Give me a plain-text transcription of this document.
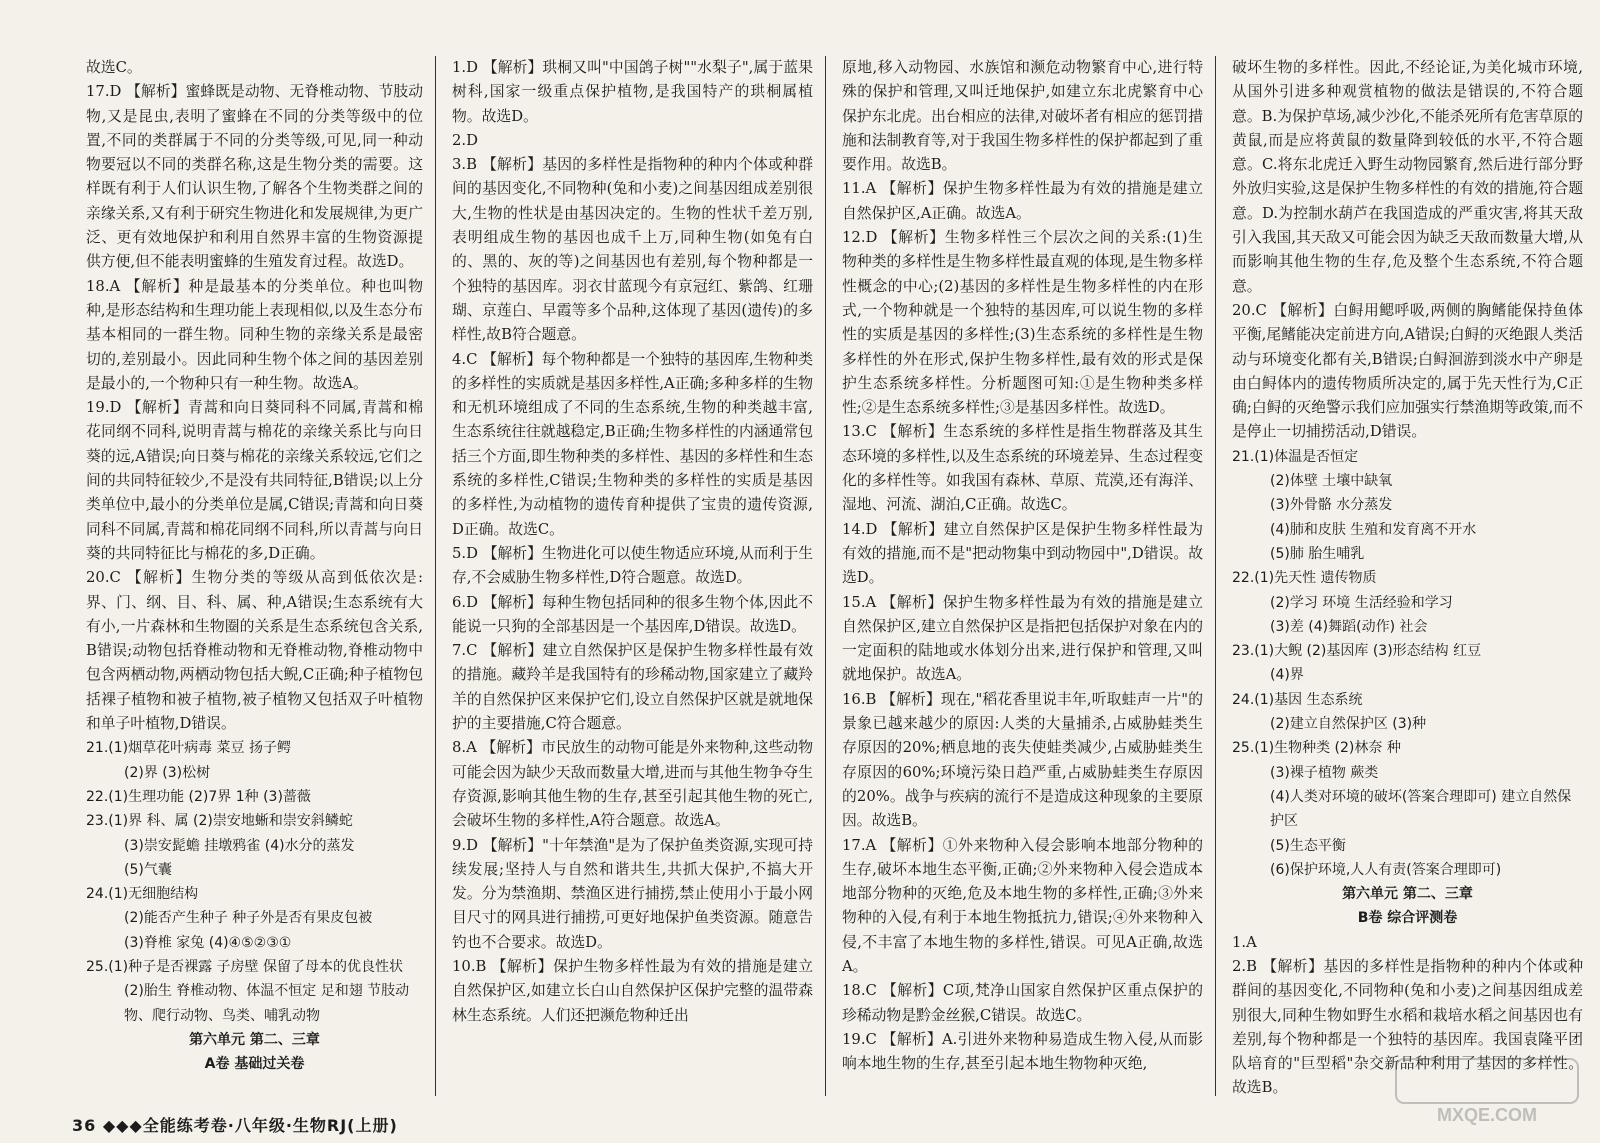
故选C。

17.D 【解析】蜜蜂既是动物、无脊椎动物、节肢动物,又是昆虫,表明了蜜蜂在不同的分类等级中的位置,不同的类群属于不同的分类等级,可见,同一种动物要冠以不同的类群名称,这是生物分类的需要。这样既有利于人们认识生物,了解各个生物类群之间的亲缘关系,又有利于研究生物进化和发展规律,为更广泛、更有效地保护和利用自然界丰富的生物资源提供方便,但不能表明蜜蜂的生殖发育过程。故选D。

18.A 【解析】种是最基本的分类单位。种也叫物种,是形态结构和生理功能上表现相似,以及生态分布基本相同的一群生物。同种生物的亲缘关系是最密切的,差别最小。因此同种生物个体之间的基因差别是最小的,一个物种只有一种生物。故选A。

19.D 【解析】青蒿和向日葵同科不同属,青蒿和棉花同纲不同科,说明青蒿与棉花的亲缘关系比与向日葵的远,A错误;向日葵与棉花的亲缘关系较远,它们之间的共同特征较少,不是没有共同特征,B错误;以上分类单位中,最小的分类单位是属,C错误;青蒿和向日葵同科不同属,青蒿和棉花同纲不同科,所以青蒿与向日葵的共同特征比与棉花的多,D正确。

20.C 【解析】生物分类的等级从高到低依次是:界、门、纲、目、科、属、种,A错误;生态系统有大有小,一片森林和生物圈的关系是生态系统包含关系,B错误;动物包括脊椎动物和无脊椎动物,脊椎动物中包含两栖动物,两栖动物包括大鲵,C正确;种子植物包括裸子植物和被子植物,被子植物又包括双子叶植物和单子叶植物,D错误。

21.(1)烟草花叶病毒 菜豆 扬子鳄

(2)界 (3)松树

22.(1)生理功能 (2)7界 1种 (3)蔷薇

23.(1)界 科、属 (2)崇安地蜥和崇安斜鳞蛇

(3)崇安髭蟾 挂墩鸦雀 (4)水分的蒸发

(5)气囊

24.(1)无细胞结构

(2)能否产生种子 种子外是否有果皮包被

(3)脊椎 家兔 (4)④⑤②③①

25.(1)种子是否裸露 子房壁 保留了母本的优良性状

(2)胎生 脊椎动物、体温不恒定 足和翅 节肢动物、爬行动物、鸟类、哺乳动物

第六单元 第二、三章

A卷 基础过关卷

1.D 【解析】珙桐又叫"中国鸽子树""水梨子",属于蓝果树科,国家一级重点保护植物,是我国特产的珙桐属植物。故选D。

2.D

3.B 【解析】基因的多样性是指物种的种内个体或种群间的基因变化,不同物种(兔和小麦)之间基因组成差别很大,生物的性状是由基因决定的。生物的性状千差万别,表明组成生物的基因也成千上万,同种生物(如兔有白的、黑的、灰的等)之间基因也有差别,每个物种都是一个独特的基因库。羽衣甘蓝现今有京冠红、紫鸽、红珊瑚、京莲白、早霞等多个品种,这体现了基因(遗传)的多样性,故B符合题意。

4.C 【解析】每个物种都是一个独特的基因库,生物种类的多样性的实质就是基因多样性,A正确;多种多样的生物和无机环境组成了不同的生态系统,生物的种类越丰富,生态系统往往就越稳定,B正确;生物多样性的内涵通常包括三个方面,即生物种类的多样性、基因的多样性和生态系统的多样性,C错误;生物种类的多样性的实质是基因的多样性,为动植物的遗传育种提供了宝贵的遗传资源,D正确。故选C。

5.D 【解析】生物进化可以使生物适应环境,从而利于生存,不会威胁生物多样性,D符合题意。故选D。

6.D 【解析】每种生物包括同种的很多生物个体,因此不能说一只狗的全部基因是一个基因库,D错误。故选D。

7.C 【解析】建立自然保护区是保护生物多样性最有效的措施。藏羚羊是我国特有的珍稀动物,国家建立了藏羚羊的自然保护区来保护它们,设立自然保护区就是就地保护的主要措施,C符合题意。

8.A 【解析】市民放生的动物可能是外来物种,这些动物可能会因为缺少天敌而数量大增,进而与其他生物争夺生存资源,影响其他生物的生存,甚至引起其他生物的死亡,会破坏生物的多样性,A符合题意。故选A。

9.D 【解析】"十年禁渔"是为了保护鱼类资源,实现可持续发展;坚持人与自然和谐共生,共抓大保护,不搞大开发。分为禁渔期、禁渔区进行捕捞,禁止使用小于最小网目尺寸的网具进行捕捞,可更好地保护鱼类资源。随意告钓也不合要求。故选D。

10.B 【解析】保护生物多样性最为有效的措施是建立自然保护区,如建立长白山自然保护区保护完整的温带森林生态系统。人们还把濒危物种迁出

原地,移入动物园、水族馆和濒危动物繁育中心,进行特殊的保护和管理,又叫迁地保护,如建立东北虎繁育中心保护东北虎。出台相应的法律,对破坏者有相应的惩罚措施和法制教育等,对于我国生物多样性的保护都起到了重要作用。故选B。

11.A 【解析】保护生物多样性最为有效的措施是建立自然保护区,A正确。故选A。

12.D 【解析】生物多样性三个层次之间的关系:(1)生物种类的多样性是生物多样性最直观的体现,是生物多样性概念的中心;(2)基因的多样性是生物多样性的内在形式,一个物种就是一个独特的基因库,可以说生物的多样性的实质是基因的多样性;(3)生态系统的多样性是生物多样性的外在形式,保护生物多样性,最有效的形式是保护生态系统多样性。分析题图可知:①是生物种类多样性;②是生态系统多样性;③是基因多样性。故选D。

13.C 【解析】生态系统的多样性是指生物群落及其生态环境的多样性,以及生态系统的环境差异、生态过程变化的多样性等。如我国有森林、草原、荒漠,还有海洋、湿地、河流、湖泊,C正确。故选C。

14.D 【解析】建立自然保护区是保护生物多样性最为有效的措施,而不是"把动物集中到动物园中",D错误。故选D。

15.A 【解析】保护生物多样性最为有效的措施是建立自然保护区,建立自然保护区是指把包括保护对象在内的一定面积的陆地或水体划分出来,进行保护和管理,又叫就地保护。故选A。

16.B 【解析】现在,"稻花香里说丰年,听取蛙声一片"的景象已越来越少的原因:人类的大量捕杀,占威胁蛙类生存原因的20%;栖息地的丧失使蛙类减少,占威胁蛙类生存原因的60%;环境污染日趋严重,占威胁蛙类生存原因的20%。战争与疾病的流行不是造成这种现象的主要原因。故选B。

17.A 【解析】①外来物种入侵会影响本地部分物种的生存,破坏本地生态平衡,正确;②外来物种入侵会造成本地部分物种的灭绝,危及本地生物的多样性,正确;③外来物种的入侵,有利于本地生物抵抗力,错误;④外来物种入侵,不丰富了本地生物的多样性,错误。可见A正确,故选A。

18.C 【解析】C项,梵净山国家自然保护区重点保护的珍稀动物是黔金丝猴,C错误。故选C。

19.C 【解析】A.引进外来物种易造成生物入侵,从而影响本地生物的生存,甚至引起本地生物物种灭绝,

破坏生物的多样性。因此,不经论证,为美化城市环境,从国外引进多种观赏植物的做法是错误的,不符合题意。B.为保护草场,减少沙化,不能杀死所有危害草原的黄鼠,而是应将黄鼠的数量降到较低的水平,不符合题意。C.将东北虎迁入野生动物园繁育,然后进行部分野外放归实验,这是保护生物多样性的有效的措施,符合题意。D.为控制水葫芦在我国造成的严重灾害,将其天敌引入我国,其天敌又可能会因为缺乏天敌而数量大增,从而影响其他生物的生存,危及整个生态系统,不符合题意。

20.C 【解析】白鲟用鳃呼吸,两侧的胸鳍能保持鱼体平衡,尾鳍能决定前进方向,A错误;白鲟的灭绝跟人类活动与环境变化都有关,B错误;白鲟洄游到淡水中产卵是由白鲟体内的遗传物质所决定的,属于先天性行为,C正确;白鲟的灭绝警示我们应加强实行禁渔期等政策,而不是停止一切捕捞活动,D错误。

21.(1)体温是否恒定

(2)体壁 土壤中缺氧

(3)外骨骼 水分蒸发

(4)肺和皮肤 生殖和发育离不开水

(5)肺 胎生哺乳

22.(1)先天性 遗传物质

(2)学习 环境 生活经验和学习

(3)差 (4)舞蹈(动作) 社会

23.(1)大鲵 (2)基因库 (3)形态结构 红豆

(4)界

24.(1)基因 生态系统

(2)建立自然保护区 (3)种

25.(1)生物种类 (2)林奈 种

(3)裸子植物 蕨类

(4)人类对环境的破坏(答案合理即可) 建立自然保护区

(5)生态平衡

(6)保护环境,人人有责(答案合理即可)

第六单元 第二、三章

B卷 综合评测卷

1.A

2.B 【解析】基因的多样性是指物种的种内个体或种群间的基因变化,不同物种(兔和小麦)之间基因组成差别很大,同种生物如野生水稻和栽培水稻之间基因也有差别,每个物种都是一个独特的基因库。我国袁隆平团队培育的"巨型稻"杂交新品种利用了基因的多样性。故选B。

36 ◆◆◆全能练考卷·八年级·生物RJ(上册)
MXQE.COM
